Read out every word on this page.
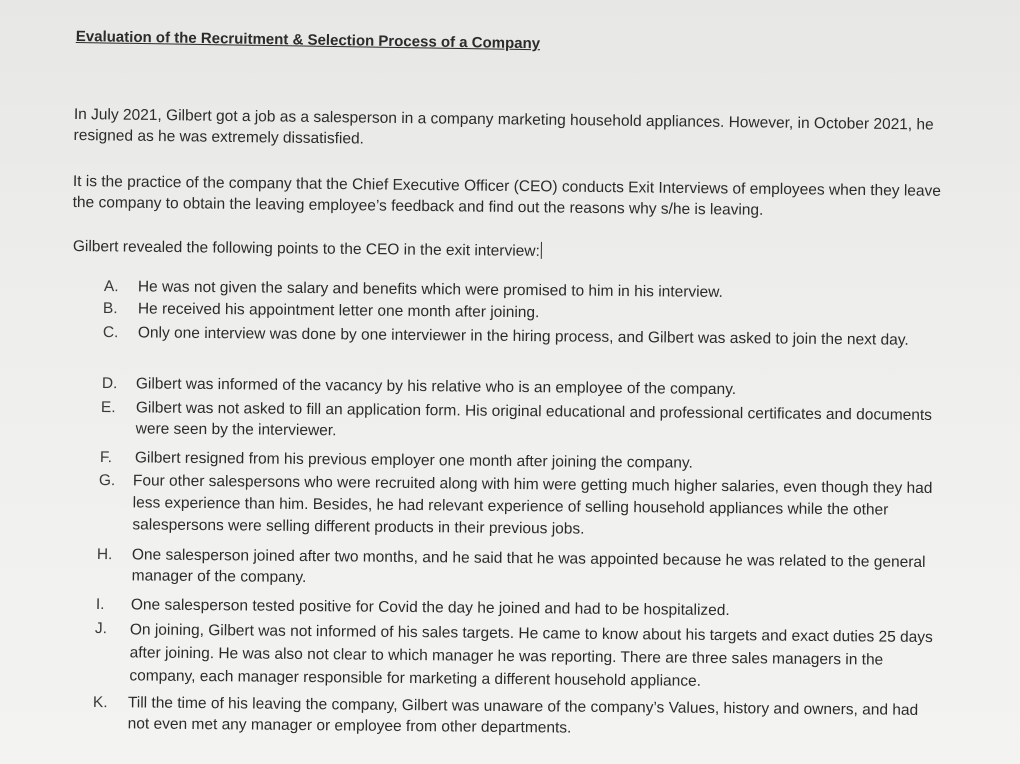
Evaluation of the Recruitment & Selection Process of a Company
In July 2021, Gilbert got a job as a salesperson in a company marketing household appliances. However, in October 2021, he resigned as he was extremely dissatisfied.
It is the practice of the company that the Chief Executive Officer (CEO) conducts Exit Interviews of employees when they leave the company to obtain the leaving employee’s feedback and find out the reasons why s/he is leaving.
Gilbert revealed the following points to the CEO in the exit interview:
A. He was not given the salary and benefits which were promised to him in his interview.
B. He received his appointment letter one month after joining.
C. Only one interview was done by one interviewer in the hiring process, and Gilbert was asked to join the next day.
D. Gilbert was informed of the vacancy by his relative who is an employee of the company.
E. Gilbert was not asked to fill an application form. His original educational and professional certificates and documents were seen by the interviewer.
F. Gilbert resigned from his previous employer one month after joining the company.
G. Four other salespersons who were recruited along with him were getting much higher salaries, even though they had less experience than him. Besides, he had relevant experience of selling household appliances while the other salespersons were selling different products in their previous jobs.
H. One salesperson joined after two months, and he said that he was appointed because he was related to the general manager of the company.
I. One salesperson tested positive for Covid the day he joined and had to be hospitalized.
J. On joining, Gilbert was not informed of his sales targets. He came to know about his targets and exact duties 25 days after joining. He was also not clear to which manager he was reporting. There are three sales managers in the company, each manager responsible for marketing a different household appliance.
K. Till the time of his leaving the company, Gilbert was unaware of the company’s Values, history and owners, and had not even met any manager or employee from other departments.
